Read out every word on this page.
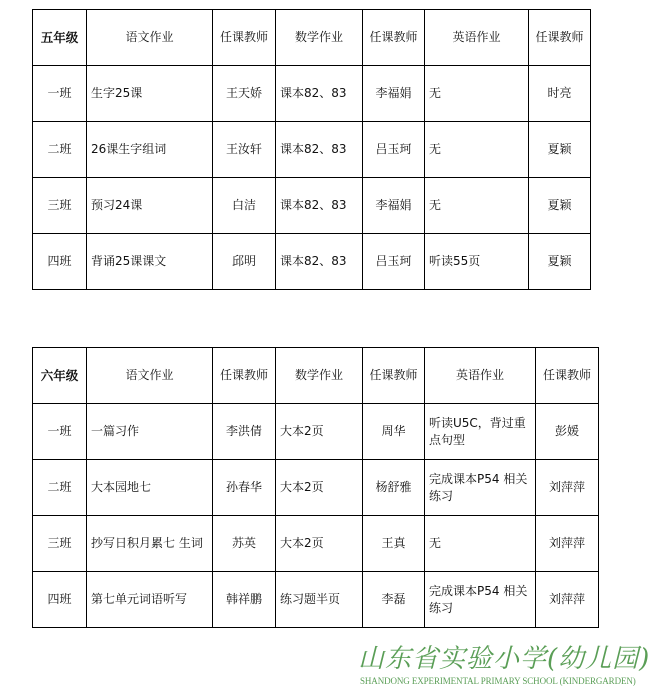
五年级	语文作业	任课教师	数学作业	任课教师	英语作业	任课教师
一班	生字25课	王天娇	课本82、83	李福娟	无	时亮
二班	26课生字组词	王汝轩	课本82、83	吕玉珂	无	夏颖
三班	预习24课	白洁	课本82、83	李福娟	无	夏颖
四班	背诵25课课文	邱明	课本82、83	吕玉珂	听读55页	夏颖
六年级	语文作业	任课教师	数学作业	任课教师	英语作业	任课教师
一班	一篇习作	李洪倩	大本2页	周华	听读U5C，背过重点句型	彭媛
二班	大本园地七	孙春华	大本2页	杨舒雅	完成课本P54 相关练习	刘萍萍
三班	抄写日积月累七 生词	苏英	大本2页	王真	无	刘萍萍
四班	第七单元词语听写	韩祥鹏	练习题半页	李磊	完成课本P54 相关练习	刘萍萍
山东省实验小学(幼儿园)
SHANDONG EXPERIMENTAL PRIMARY SCHOOL (KINDERGARDEN)
